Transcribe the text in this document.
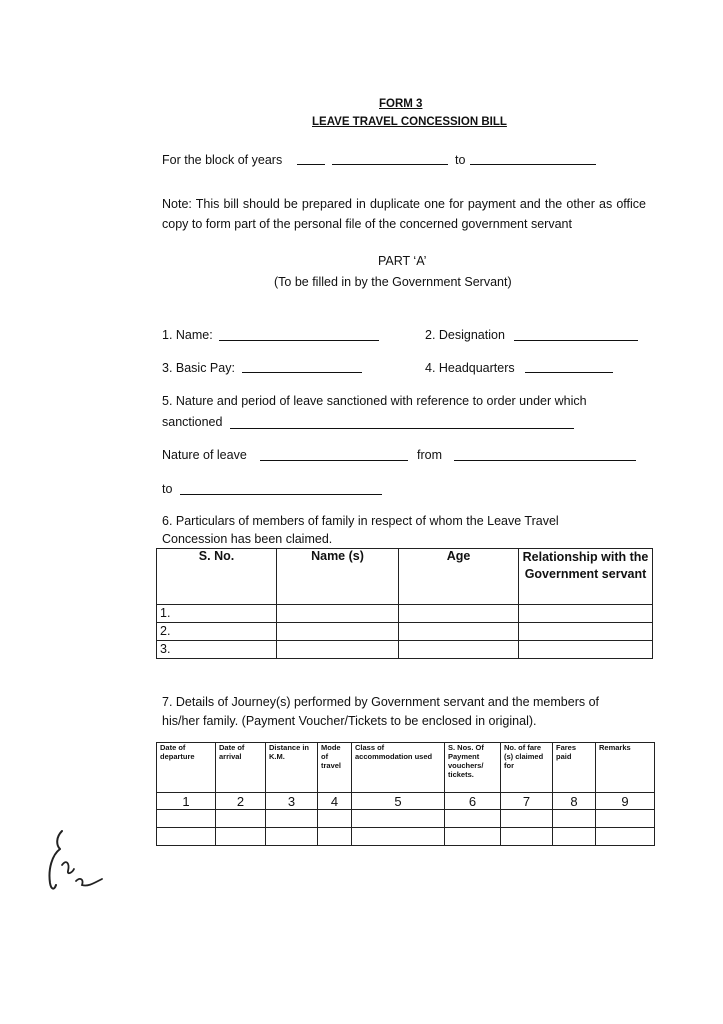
FORM 3
LEAVE TRAVEL CONCESSION BILL
For the block of years	to
Note: This bill should be prepared in duplicate one for payment and the other as office copy to form part of the personal file of the concerned government servant
PART ‘A’
(To be filled in by the Government Servant)
1. Name:	2. Designation
3. Basic Pay:	4. Headquarters
5. Nature and period of leave sanctioned with reference to order under which
sanctioned
Nature of leave	from
to
6. Particulars of members of family in respect of whom the Leave Travel
Concession has been claimed.
S. No.	Name (s)	Age	Relationship with the Government servant
1.			
2.			
3.			
7. Details of Journey(s) performed by Government servant and the members of
his/her family. (Payment Voucher/Tickets to be enclosed in original).
Date of departure	Date of arrival	Distance in K.M.	Mode of travel	Class of accommodation used	S. Nos. Of Payment vouchers/ tickets.	No. of fare (s) claimed for	Fares paid	Remarks
1	2	3	4	5	6	7	8	9
